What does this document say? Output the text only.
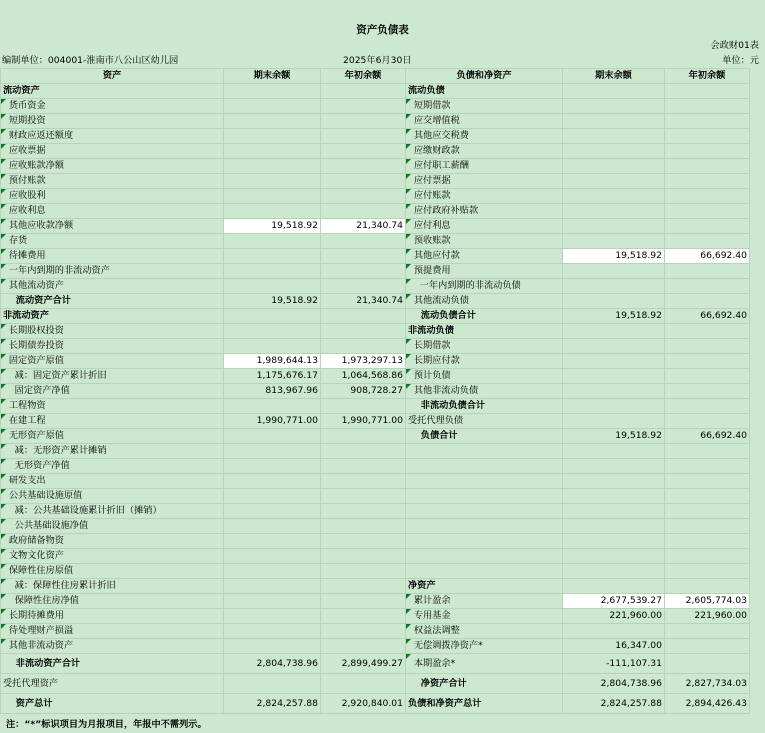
资产负债表
会政财01表
编制单位：004001-淮南市八公山区幼儿园	2025年6月30日	单位：元
资产	期末余额	年初余额	负债和净资产	期末余额	年初余额
流动资产			流动负债		
货币资金			短期借款		
短期投资			应交增值税		
财政应返还额度			其他应交税费		
应收票据			应缴财政款		
应收账款净额			应付职工薪酬		
预付账款			应付票据		
应收股利			应付账款		
应收利息			应付政府补贴款		
其他应收款净额	19,518.92	21,340.74	应付利息		
存货			预收账款		
待摊费用			其他应付款	19,518.92	66,692.40
一年内到期的非流动资产			预提费用		
其他流动资产			一年内到期的非流动负债		
流动资产合计	19,518.92	21,340.74	其他流动负债		
非流动资产			流动负债合计	19,518.92	66,692.40
长期股权投资			非流动负债		
长期债券投资			长期借款		
固定资产原值	1,989,644.13	1,973,297.13	长期应付款		
减：固定资产累计折旧	1,175,676.17	1,064,568.86	预计负债		
固定资产净值	813,967.96	908,728.27	其他非流动负债		
工程物资			非流动负债合计		
在建工程	1,990,771.00	1,990,771.00	受托代理负债		
无形资产原值			负债合计	19,518.92	66,692.40
减：无形资产累计摊销					
无形资产净值					
研发支出					
公共基础设施原值					
减：公共基础设施累计折旧（摊销）					
公共基础设施净值					
政府储备物资					
文物文化资产					
保障性住房原值					
减：保障性住房累计折旧			净资产		
保障性住房净值			累计盈余	2,677,539.27	2,605,774.03
长期待摊费用			专用基金	221,960.00	221,960.00
待处理财产损溢			权益法调整		
其他非流动资产			无偿调拨净资产*	16,347.00	
非流动资产合计	2,804,738.96	2,899,499.27	本期盈余*	-111,107.31	
受托代理资产			净资产合计	2,804,738.96	2,827,734.03
资产总计	2,824,257.88	2,920,840.01	负债和净资产总计	2,824,257.88	2,894,426.43
注：“*”标识项目为月报项目，年报中不需列示。
